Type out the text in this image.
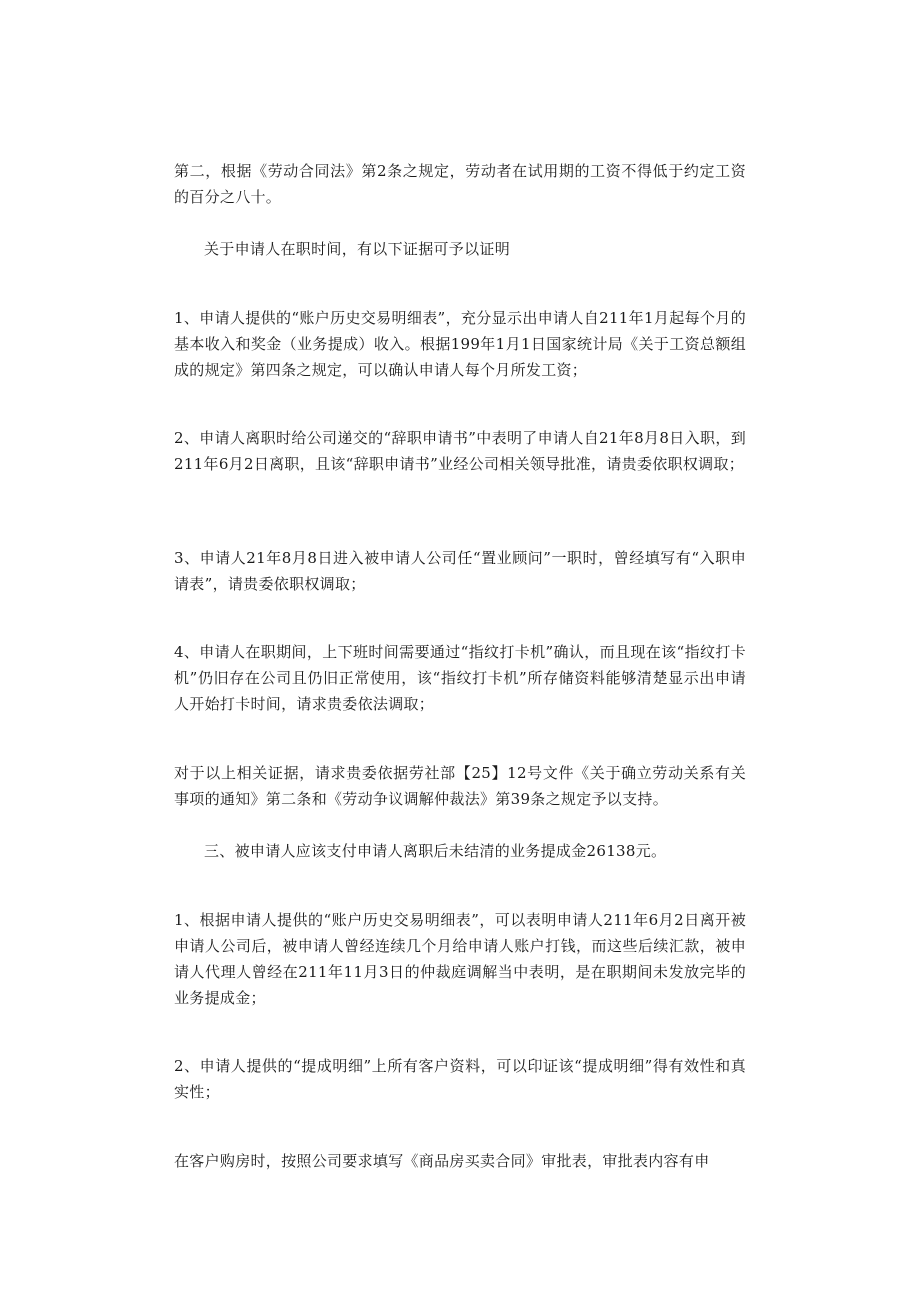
第二，根据《劳动合同法》第2条之规定，劳动者在试用期的工资不得低于约定工资的百分之八十。

关于申请人在职时间，有以下证据可予以证明

1、申请人提供的“账户历史交易明细表”，充分显示出申请人自211年1月起每个月的基本收入和奖金（业务提成）收入。根据199年1月1日国家统计局《关于工资总额组成的规定》第四条之规定，可以确认申请人每个月所发工资；

2、申请人离职时给公司递交的“辞职申请书”中表明了申请人自21年8月8日入职，到211年6月2日离职，且该“辞职申请书”业经公司相关领导批准，请贵委依职权调取；

3、申请人21年8月8日进入被申请人公司任“置业顾问”一职时，曾经填写有“入职申请表”，请贵委依职权调取；

4、申请人在职期间，上下班时间需要通过“指纹打卡机”确认，而且现在该“指纹打卡机”仍旧存在公司且仍旧正常使用，该“指纹打卡机”所存储资料能够清楚显示出申请人开始打卡时间，请求贵委依法调取；

对于以上相关证据，请求贵委依据劳社部【25】12号文件《关于确立劳动关系有关事项的通知》第二条和《劳动争议调解仲裁法》第39条之规定予以支持。

三、被申请人应该支付申请人离职后未结清的业务提成金26138元。

1、根据申请人提供的“账户历史交易明细表”，可以表明申请人211年6月2日离开被申请人公司后，被申请人曾经连续几个月给申请人账户打钱，而这些后续汇款，被申请人代理人曾经在211年11月3日的仲裁庭调解当中表明，是在职期间未发放完毕的业务提成金；

2、申请人提供的“提成明细”上所有客户资料，可以印证该“提成明细”得有效性和真实性；

在客户购房时，按照公司要求填写《商品房买卖合同》审批表，审批表内容有申
